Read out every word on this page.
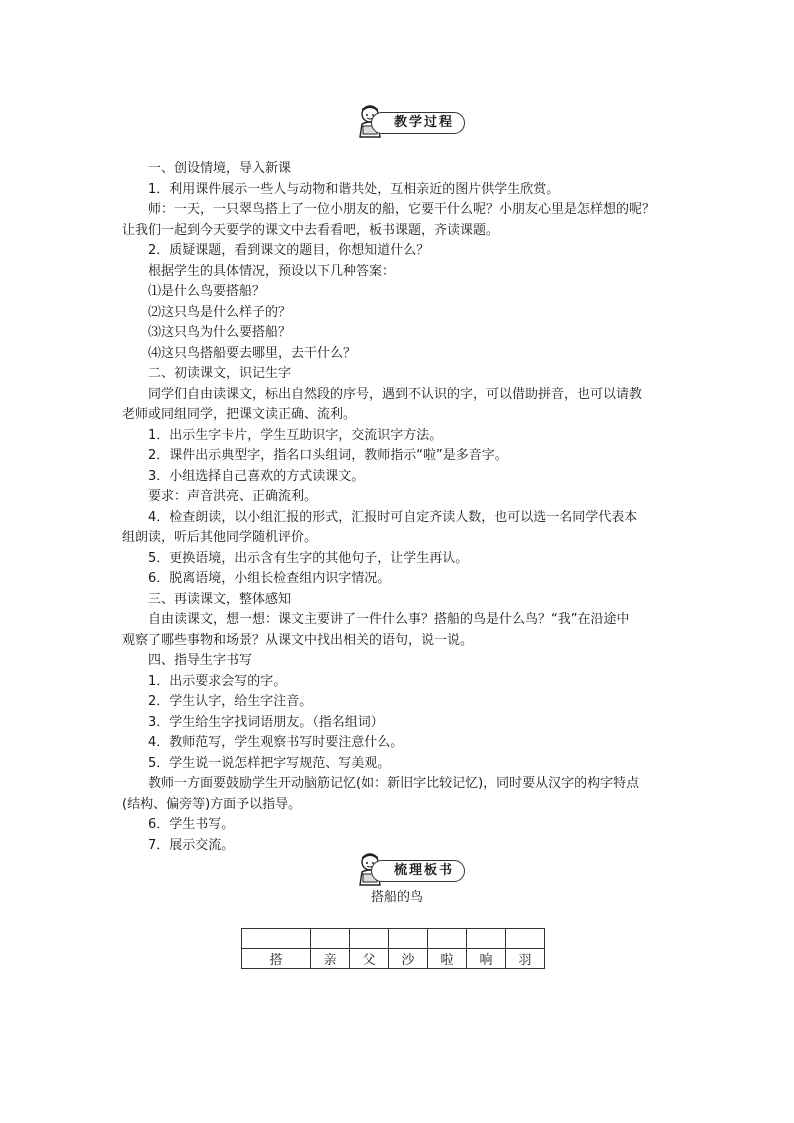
教学过程
一、创设情境，导入新课
1．利用课件展示一些人与动物和谐共处，互相亲近的图片供学生欣赏。
师：一天，一只翠鸟搭上了一位小朋友的船，它要干什么呢？小朋友心里是怎样想的呢？
让我们一起到今天要学的课文中去看看吧，板书课题，齐读课题。
2．质疑课题，看到课文的题目，你想知道什么？
根据学生的具体情况，预设以下几种答案：
⑴是什么鸟要搭船？
⑵这只鸟是什么样子的？
⑶这只鸟为什么要搭船？
⑷这只鸟搭船要去哪里，去干什么？
二、初读课文，识记生字
同学们自由读课文，标出自然段的序号，遇到不认识的字，可以借助拼音，也可以请教
老师或同组同学，把课文读正确、流利。
1．出示生字卡片，学生互助识字，交流识字方法。
2．课件出示典型字，指名口头组词，教师指示“啦”是多音字。
3．小组选择自己喜欢的方式读课文。
要求：声音洪亮、正确流利。
4．检查朗读，以小组汇报的形式，汇报时可自定齐读人数，也可以选一名同学代表本
组朗读，听后其他同学随机评价。
5．更换语境，出示含有生字的其他句子，让学生再认。
6．脱离语境，小组长检查组内识字情况。
三、再读课文，整体感知
自由读课文，想一想：课文主要讲了一件什么事？搭船的鸟是什么鸟？“我”在沿途中
观察了哪些事物和场景？从课文中找出相关的语句，说一说。
四、指导生字书写
1．出示要求会写的字。
2．学生认字，给生字注音。
3．学生给生字找词语朋友。（指名组词）
4．教师范写，学生观察书写时要注意什么。
5．学生说一说怎样把字写规范、写美观。
教师一方面要鼓励学生开动脑筋记忆(如：新旧字比较记忆)，同时要从汉字的构字特点
(结构、偏旁等)方面予以指导。
6．学生书写。
7．展示交流。
梳理板书
搭船的鸟

搭	亲	父	沙	啦	响	羽
